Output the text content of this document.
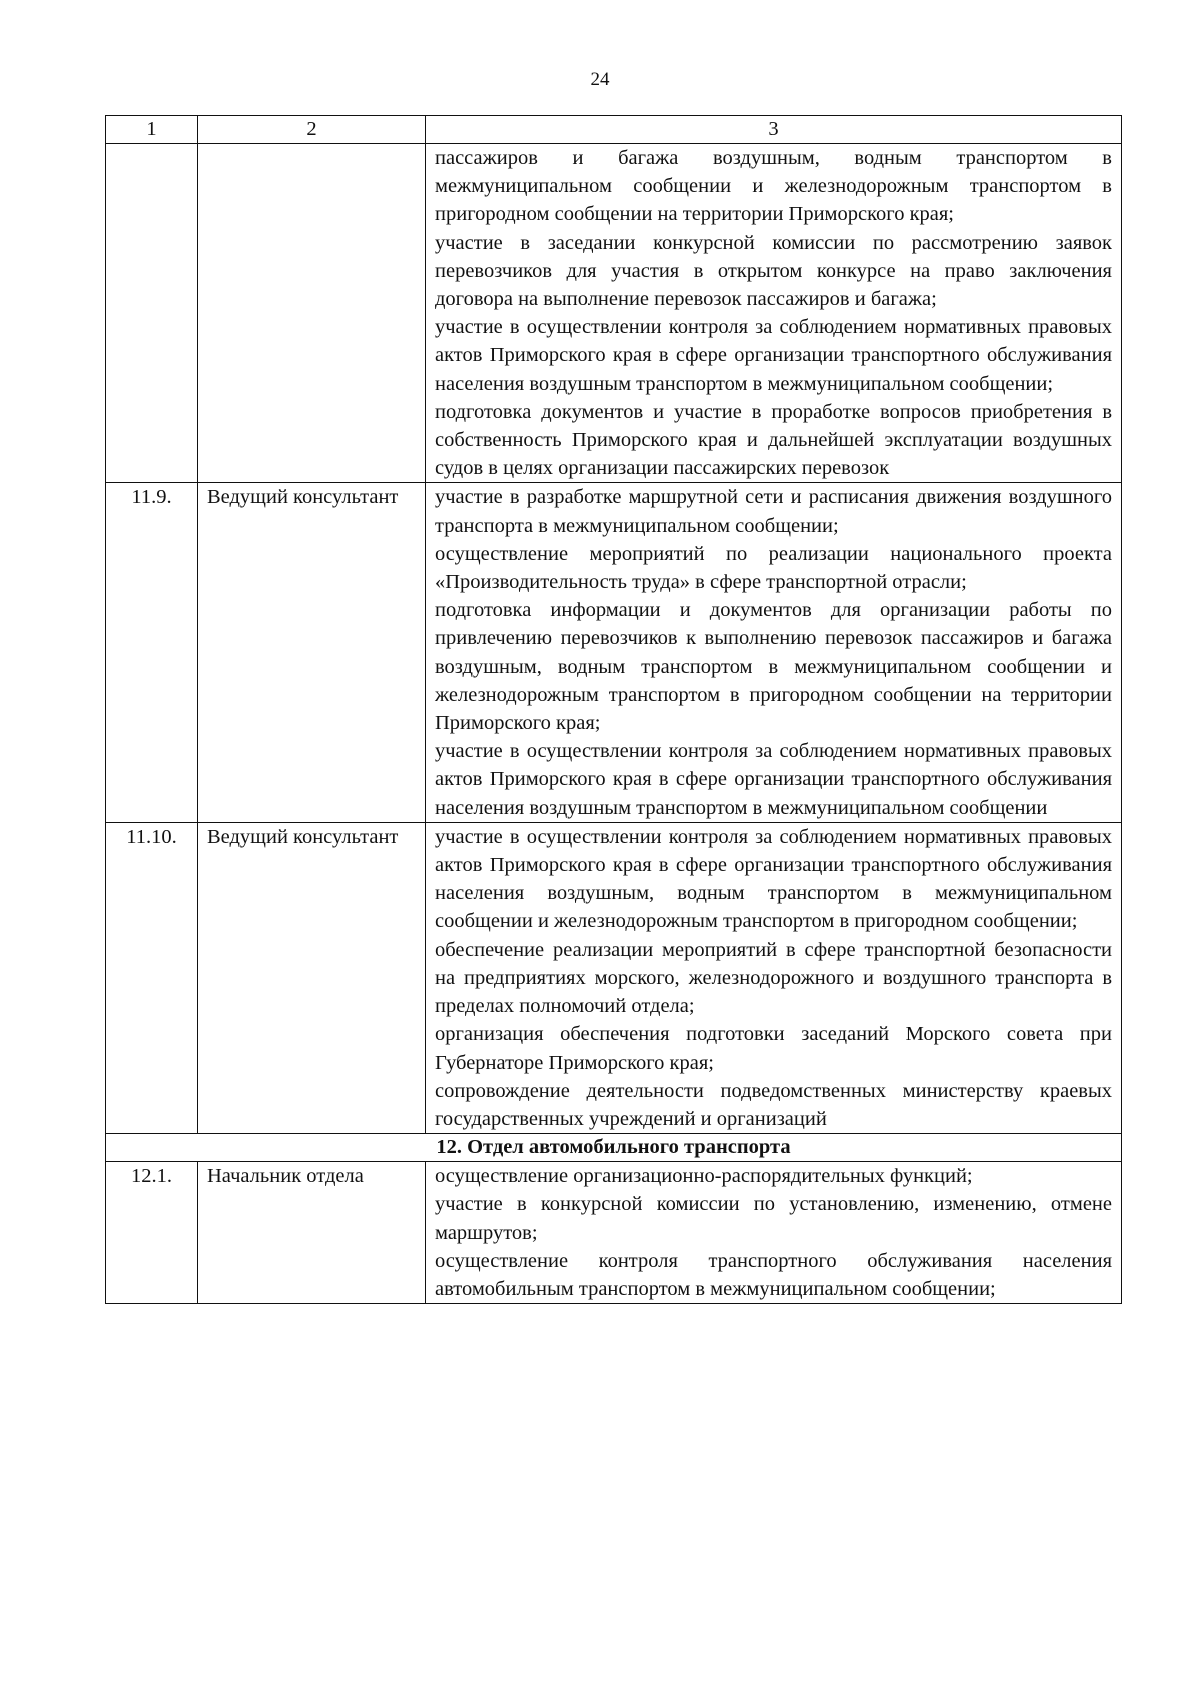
24
1	2	3

		пассажиров и багажа воздушным, водным транспортом в межмуниципальном сообщении и железнодорожным транспортом в пригородном сообщении на территории Приморского края;
участие в заседании конкурсной комиссии по рассмотрению заявок перевозчиков для участия в открытом конкурсе на право заключения договора на выполнение перевозок пассажиров и багажа;
участие в осуществлении контроля за соблюдением нормативных правовых актов Приморского края в сфере организации транспортного обслуживания населения воздушным транспортом в межмуниципальном сообщении;
подготовка документов и участие в проработке вопросов приобретения в собственность Приморского края и дальнейшей эксплуатации воздушных судов в целях организации пассажирских перевозок

11.9.	Ведущий консультант	участие в разработке маршрутной сети и расписания движения воздушного транспорта в межмуниципальном сообщении;
осуществление мероприятий по реализации национального проекта «Производительность труда» в сфере транспортной отрасли;
подготовка информации и документов для организации работы по привлечению перевозчиков к выполнению перевозок пассажиров и багажа воздушным, водным транспортом в межмуниципальном сообщении и железнодорожным транспортом в пригородном сообщении на территории Приморского края;
участие в осуществлении контроля за соблюдением нормативных правовых актов Приморского края в сфере организации транспортного обслуживания населения воздушным транспортом в межмуниципальном сообщении

11.10.	Ведущий консультант	участие в осуществлении контроля за соблюдением нормативных правовых актов Приморского края в сфере организации транспортного обслуживания населения воздушным, водным транспортом в межмуниципальном сообщении и железнодорожным транспортом в пригородном сообщении;
обеспечение реализации мероприятий в сфере транспортной безопасности на предприятиях морского, железнодорожного и воздушного транспорта в пределах полномочий отдела;
организация обеспечения подготовки заседаний Морского совета при Губернаторе Приморского края;
сопровождение деятельности подведомственных министерству краевых государственных учреждений и организаций

12. Отдел автомобильного транспорта		
12.1.	Начальник отдела	осуществление организационно-распорядительных функций;
участие в конкурсной комиссии по установлению, изменению, отмене маршрутов;
осуществление контроля транспортного обслуживания населения автомобильным транспортом в межмуниципальном сообщении;
